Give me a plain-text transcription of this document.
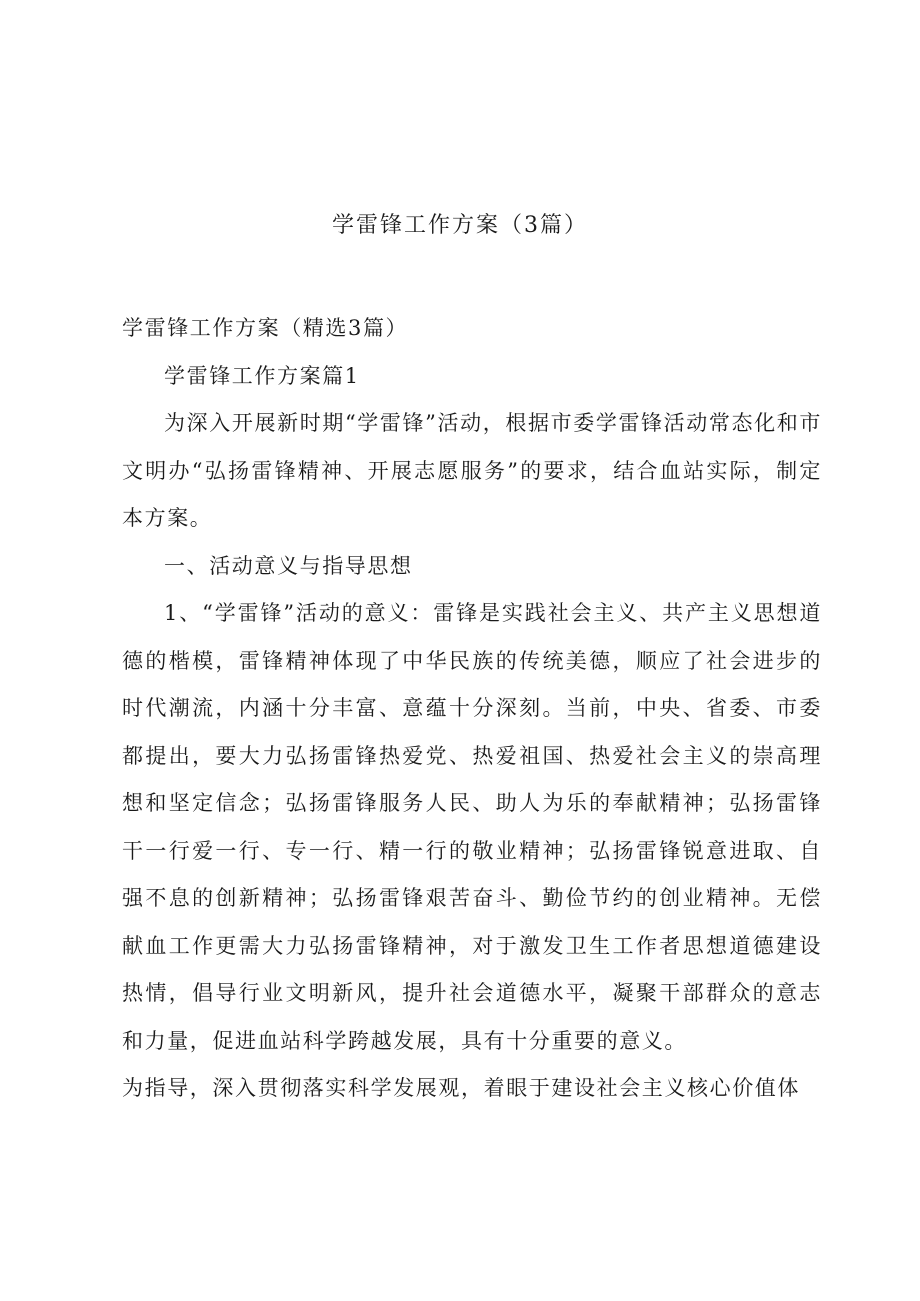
学雷锋工作方案（3篇）

学雷锋工作方案（精选3篇）

学雷锋工作方案篇1

为深入开展新时期“学雷锋”活动，根据市委学雷锋活动常态化和市文明办“弘扬雷锋精神、开展志愿服务”的要求，结合血站实际，制定本方案。

一、活动意义与指导思想

1、“学雷锋”活动的意义：雷锋是实践社会主义、共产主义思想道德的楷模，雷锋精神体现了中华民族的传统美德，顺应了社会进步的时代潮流，内涵十分丰富、意蕴十分深刻。当前，中央、省委、市委都提出，要大力弘扬雷锋热爱党、热爱祖国、热爱社会主义的崇高理想和坚定信念；弘扬雷锋服务人民、助人为乐的奉献精神；弘扬雷锋干一行爱一行、专一行、精一行的敬业精神；弘扬雷锋锐意进取、自强不息的创新精神；弘扬雷锋艰苦奋斗、勤俭节约的创业精神。无偿献血工作更需大力弘扬雷锋精神，对于激发卫生工作者思想道德建设热情，倡导行业文明新风，提升社会道德水平，凝聚干部群众的意志和力量，促进血站科学跨越发展，具有十分重要的意义。

为指导，深入贯彻落实科学发展观，着眼于建设社会主义核心价值体
